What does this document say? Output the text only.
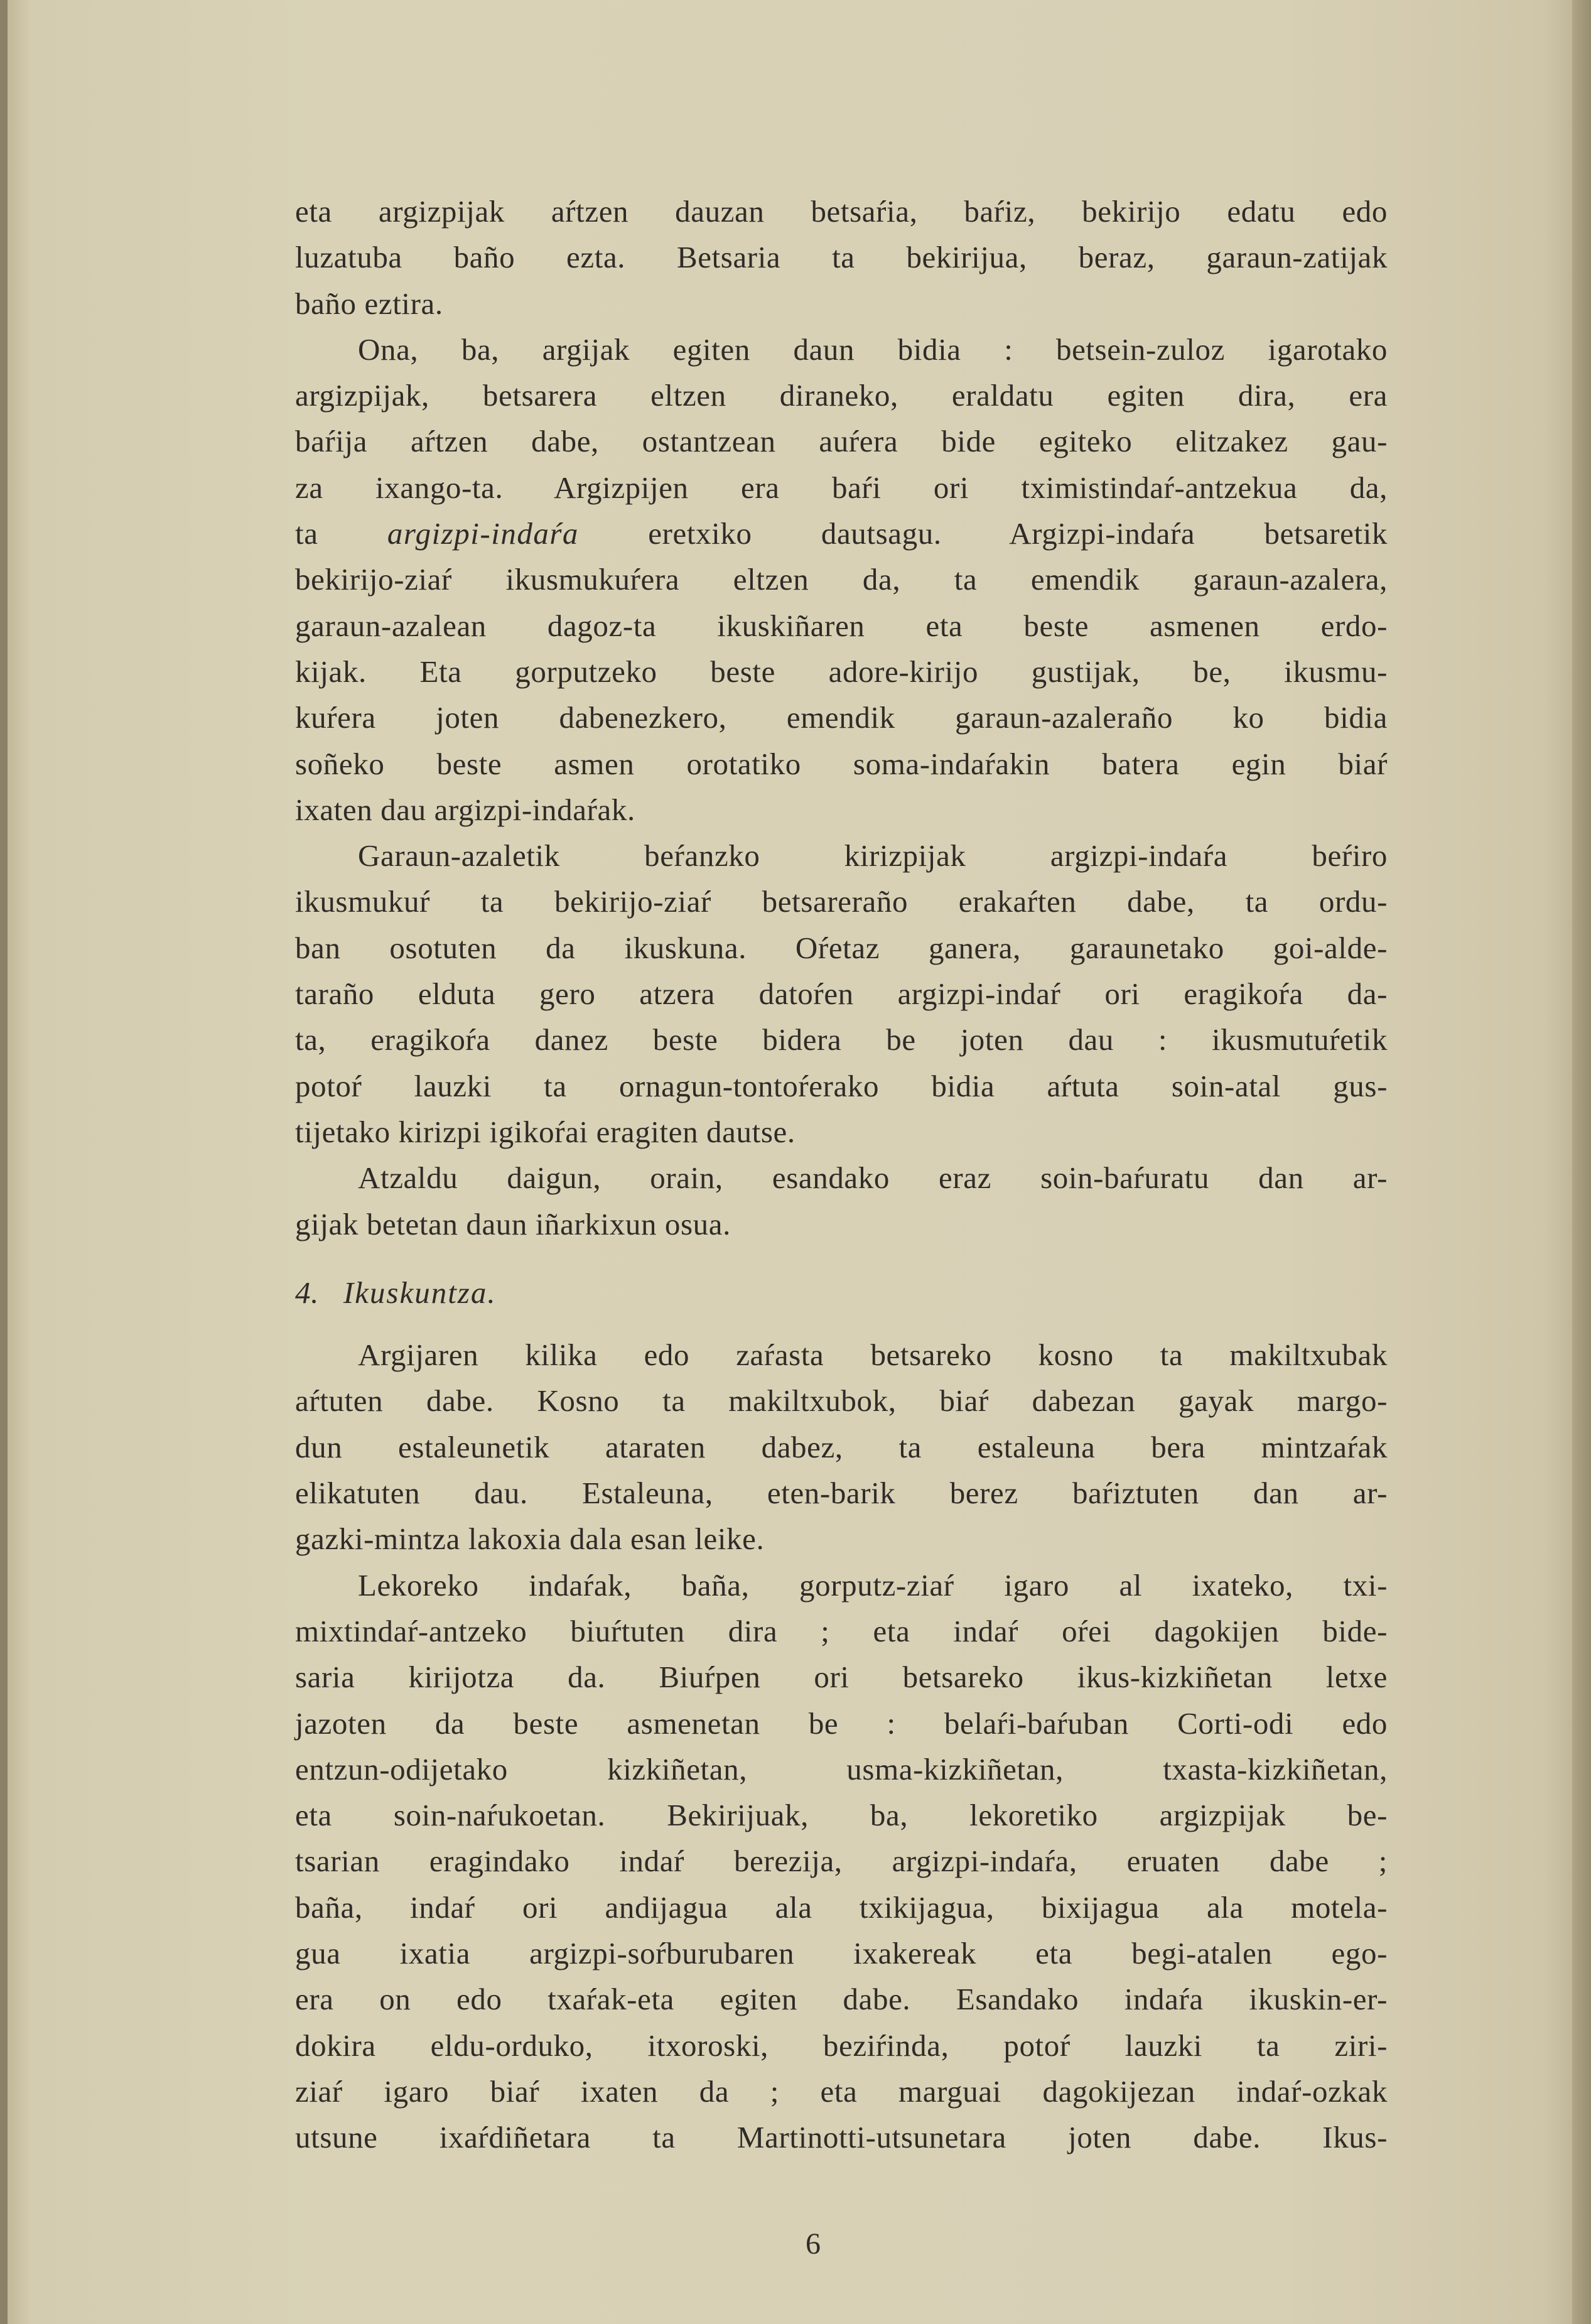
eta argizpijak aŕtzen dauzan betsaŕia, baŕiz, bekirijo edatu edo
luzatuba baño ezta. Betsaria ta bekirijua, beraz, garaun-zatijak
baño eztira.
Ona, ba, argijak egiten daun bidia : betsein-zuloz igarotako
argizpijak, betsarera eltzen diraneko, eraldatu egiten dira, era
baŕija aŕtzen dabe, ostantzean auŕera bide egiteko elitzakez gau-
za ixango-ta. Argizpijen era baŕi ori tximistindaŕ-antzekua da,
ta argizpi-indaŕa eretxiko dautsagu. Argizpi-indaŕa betsaretik
bekirijo-ziaŕ ikusmukuŕera eltzen da, ta emendik garaun-azalera,
garaun-azalean dagoz-ta ikuskiñaren eta beste asmenen erdo-
kijak. Eta gorputzeko beste adore-kirijo gustijak, be, ikusmu-
kuŕera joten dabenezkero, emendik garaun-azaleraño ko bidia
soñeko beste asmen orotatiko soma-indaŕakin batera egin biaŕ
ixaten dau argizpi-indaŕak.
Garaun-azaletik beŕanzko kirizpijak argizpi-indaŕa beŕiro
ikusmukuŕ ta bekirijo-ziaŕ betsareraño erakaŕten dabe, ta ordu-
ban osotuten da ikuskuna. Oŕetaz ganera, garaunetako goi-alde-
taraño elduta gero atzera datoŕen argizpi-indaŕ ori eragikoŕa da-
ta, eragikoŕa danez beste bidera be joten dau : ikusmutuŕetik
potoŕ lauzki ta ornagun-tontoŕerako bidia aŕtuta soin-atal gus-
tijetako kirizpi igikoŕai eragiten dautse.
Atzaldu daigun, orain, esandako eraz soin-baŕuratu dan ar-
gijak betetan daun iñarkixun osua.
4. Ikuskuntza.
Argijaren kilika edo zaŕasta betsareko kosno ta makiltxubak
aŕtuten dabe. Kosno ta makiltxubok, biaŕ dabezan gayak margo-
dun estaleunetik ataraten dabez, ta estaleuna bera mintzaŕak
elikatuten dau. Estaleuna, eten-barik berez baŕiztuten dan ar-
gazki-mintza lakoxia dala esan leike.
Lekoreko indaŕak, baña, gorputz-ziaŕ igaro al ixateko, txi-
mixtindaŕ-antzeko biuŕtuten dira ; eta indaŕ oŕei dagokijen bide-
saria kirijotza da. Biuŕpen ori betsareko ikus-kizkiñetan letxe
jazoten da beste asmenetan be : belaŕi-baŕuban Corti-odi edo
entzun-odijetako kizkiñetan, usma-kizkiñetan, txasta-kizkiñetan,
eta soin-naŕukoetan. Bekirijuak, ba, lekoretiko argizpijak be-
tsarian eragindako indaŕ berezija, argizpi-indaŕa, eruaten dabe ;
baña, indaŕ ori andijagua ala txikijagua, bixijagua ala motela-
gua ixatia argizpi-soŕburubaren ixakereak eta begi-atalen ego-
era on edo txaŕak-eta egiten dabe. Esandako indaŕa ikuskin-er-
dokira eldu-orduko, itxoroski, beziŕinda, potoŕ lauzki ta ziri-
ziaŕ igaro biaŕ ixaten da ; eta marguai dagokijezan indaŕ-ozkak
utsune ixaŕdiñetara ta Martinotti-utsunetara joten dabe. Ikus-
6
